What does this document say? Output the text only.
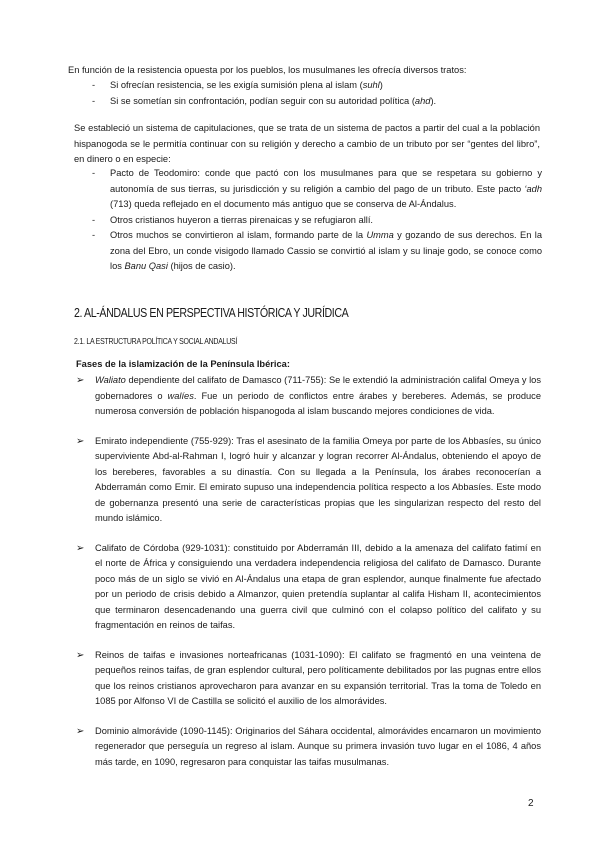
En función de la resistencia opuesta por los pueblos, los musulmanes les ofrecía diversos tratos:
- Si ofrecían resistencia, se les exigía sumisión plena al islam (suhl)
- Si se sometían sin confrontación, podían seguir con su autoridad política (ahd).
Se estableció un sistema de capitulaciones, que se trata de un sistema de pactos a partir del cual a la población hispanogoda se le permitía continuar con su religión y derecho a cambio de un tributo por ser “gentes del libro”, en dinero o en especie:
- Pacto de Teodomiro: conde que pactó con los musulmanes para que se respetara su gobierno y autonomía de sus tierras, su jurisdicción y su religión a cambio del pago de un tributo. Este pacto ‘adh (713) queda reflejado en el documento más antiguo que se conserva de Al-Ándalus.
- Otros cristianos huyeron a tierras pirenaicas y se refugiaron allí.
- Otros muchos se convirtieron al islam, formando parte de la Umma y gozando de sus derechos. En la zona del Ebro, un conde visigodo llamado Cassio se convirtió al islam y su linaje godo, se conoce como los Banu Qasi (hijos de casio).
2. AL-ÁNDALUS EN PERSPECTIVA HISTÓRICA Y JURÍDICA
2.1. LA ESTRUCTURA POLÍTICA Y SOCIAL ANDALUSÍ
Fases de la islamización de la Península Ibérica:
➢ Waliato dependiente del califato de Damasco (711-755): Se le extendió la administración califal Omeya y los gobernadores o walíes. Fue un periodo de conflictos entre árabes y bereberes. Además, se produce numerosa conversión de población hispanogoda al islam buscando mejores condiciones de vida.
➢ Emirato independiente (755-929): Tras el asesinato de la familia Omeya por parte de los Abbasíes, su único superviviente Abd-al-Rahman I, logró huir y alcanzar y logran recorrer Al-Ándalus, obteniendo el apoyo de los bereberes, favorables a su dinastía. Con su llegada a la Península, los árabes reconocerían a Abderramán como Emir. El emirato supuso una independencia política respecto a los Abbasíes. Este modo de gobernanza presentó una serie de características propias que les singularizan respecto del resto del mundo islámico.
➢ Califato de Córdoba (929-1031): constituido por Abderramán III, debido a la amenaza del califato fatimí en el norte de África y consiguiendo una verdadera independencia religiosa del califato de Damasco. Durante poco más de un siglo se vivió en Al-Ándalus una etapa de gran esplendor, aunque finalmente fue afectado por un periodo de crisis debido a Almanzor, quien pretendía suplantar al califa Hisham II, acontecimientos que terminaron desencadenando una guerra civil que culminó con el colapso político del califato y su fragmentación en reinos de taifas.
➢ Reinos de taifas e invasiones norteafricanas (1031-1090): El califato se fragmentó en una veintena de pequeños reinos taifas, de gran esplendor cultural, pero políticamente debilitados por las pugnas entre ellos que los reinos cristianos aprovecharon para avanzar en su expansión territorial. Tras la toma de Toledo en 1085 por Alfonso VI de Castilla se solicitó el auxilio de los almorávides.
➢ Dominio almorávide (1090-1145): Originarios del Sáhara occidental, almorávides encarnaron un movimiento regenerador que perseguía un regreso al islam. Aunque su primera invasión tuvo lugar en el 1086, 4 años más tarde, en 1090, regresaron para conquistar las taifas musulmanas.
2
